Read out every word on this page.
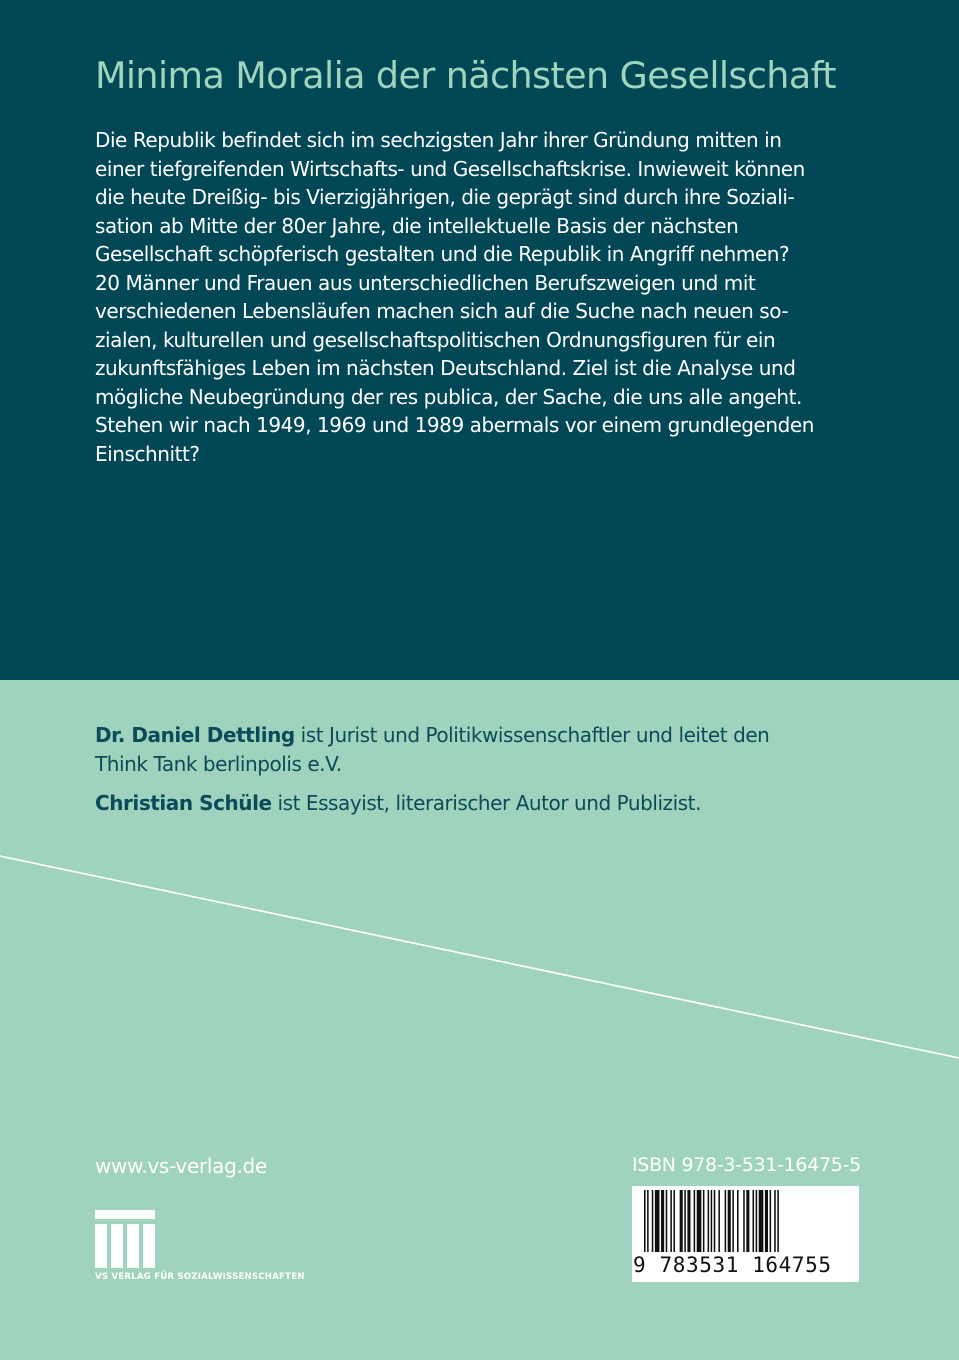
Minima Moralia der nächsten Gesellschaft

Die Republik befindet sich im sechzigsten Jahr ihrer Gründung mitten in
einer tiefgreifenden Wirtschafts- und Gesellschaftskrise. Inwieweit können
die heute Dreißig- bis Vierzigjährigen, die geprägt sind durch ihre Soziali-
sation ab Mitte der 80er Jahre, die intellektuelle Basis der nächsten
Gesellschaft schöpferisch gestalten und die Republik in Angriff nehmen?
20 Männer und Frauen aus unterschiedlichen Berufszweigen und mit
verschiedenen Lebensläufen machen sich auf die Suche nach neuen so-
zialen, kulturellen und gesellschaftspolitischen Ordnungsfiguren für ein
zukunftsfähiges Leben im nächsten Deutschland. Ziel ist die Analyse und
mögliche Neubegründung der res publica, der Sache, die uns alle angeht.
Stehen wir nach 1949, 1969 und 1989 abermals vor einem grundlegenden
Einschnitt?

Dr. Daniel Dettling ist Jurist und Politikwissenschaftler und leitet den
Think Tank berlinpolis e.V.

Christian Schüle ist Essayist, literarischer Autor und Publizist.

www.vs-verlag.de	ISBN 978-3-531-16475-5
9 783531 164755
VS VERLAG FÜR SOZIALWISSENSCHAFTEN
